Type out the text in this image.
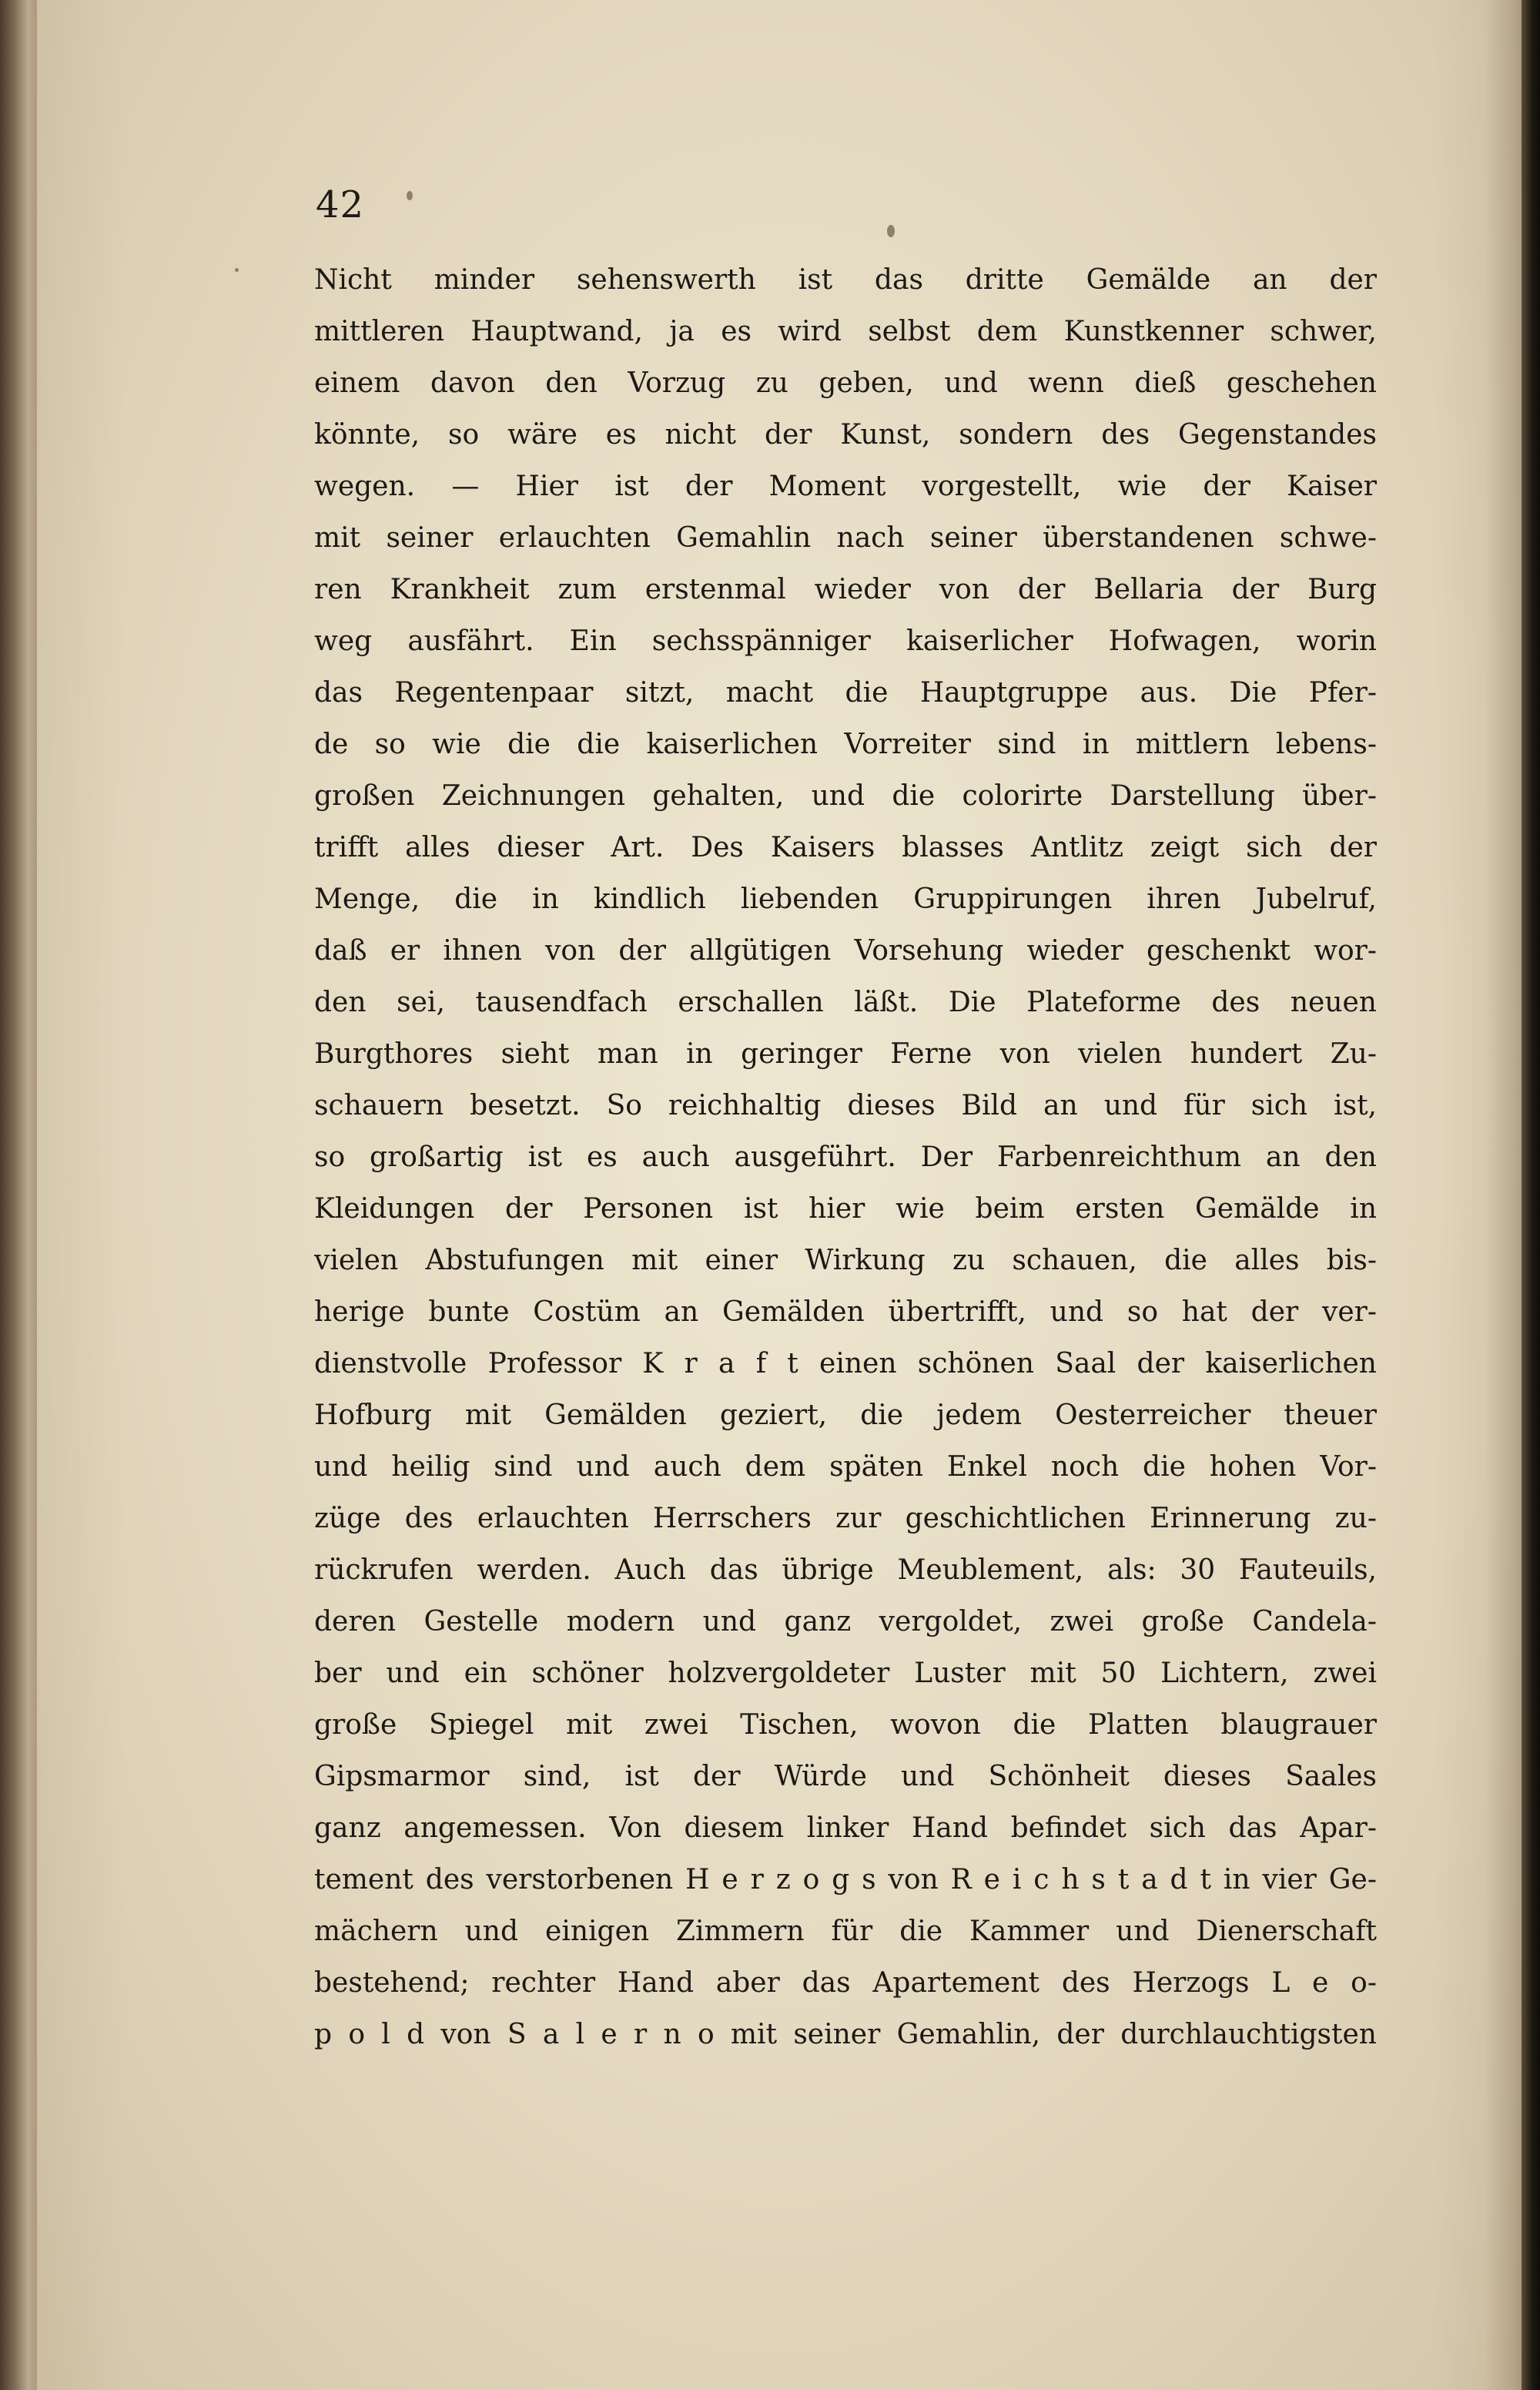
42
Nicht minder sehenswerth ist das dritte Gemälde an der
mittleren Hauptwand, ja es wird selbst dem Kunstkenner schwer,
einem davon den Vorzug zu geben, und wenn dieß geschehen
könnte, so wäre es nicht der Kunst, sondern des Gegenstandes
wegen. — Hier ist der Moment vorgestellt, wie der Kaiser
mit seiner erlauchten Gemahlin nach seiner überstandenen schwe-
ren Krankheit zum erstenmal wieder von der Bellaria der Burg
weg ausfährt. Ein sechsspänniger kaiserlicher Hofwagen, worin
das Regentenpaar sitzt, macht die Hauptgruppe aus. Die Pfer-
de so wie die die kaiserlichen Vorreiter sind in mittlern lebens-
großen Zeichnungen gehalten, und die colorirte Darstellung über-
trifft alles dieser Art. Des Kaisers blasses Antlitz zeigt sich der
Menge, die in kindlich liebenden Gruppirungen ihren Jubelruf,
daß er ihnen von der allgütigen Vorsehung wieder geschenkt wor-
den sei, tausendfach erschallen läßt. Die Plateforme des neuen
Burgthores sieht man in geringer Ferne von vielen hundert Zu-
schauern besetzt. So reichhaltig dieses Bild an und für sich ist,
so großartig ist es auch ausgeführt. Der Farbenreichthum an den
Kleidungen der Personen ist hier wie beim ersten Gemälde in
vielen Abstufungen mit einer Wirkung zu schauen, die alles bis-
herige bunte Costüm an Gemälden übertrifft, und so hat der ver-
dienstvolle Professor K r a f t einen schönen Saal der kaiserlichen
Hofburg mit Gemälden geziert, die jedem Oesterreicher theuer
und heilig sind und auch dem späten Enkel noch die hohen Vor-
züge des erlauchten Herrschers zur geschichtlichen Erinnerung zu-
rückrufen werden. Auch das übrige Meublement, als: 30 Fauteuils,
deren Gestelle modern und ganz vergoldet, zwei große Candela-
ber und ein schöner holzvergoldeter Luster mit 50 Lichtern, zwei
große Spiegel mit zwei Tischen, wovon die Platten blaugrauer
Gipsmarmor sind, ist der Würde und Schönheit dieses Saales
ganz angemessen. Von diesem linker Hand befindet sich das Apar-
tement des verstorbenen H e r z o g s von R e i c h s t a d t in vier Ge-
mächern und einigen Zimmern für die Kammer und Dienerschaft
bestehend; rechter Hand aber das Apartement des Herzogs L e o-
p o l d von S a l e r n o mit seiner Gemahlin, der durchlauchtigsten
